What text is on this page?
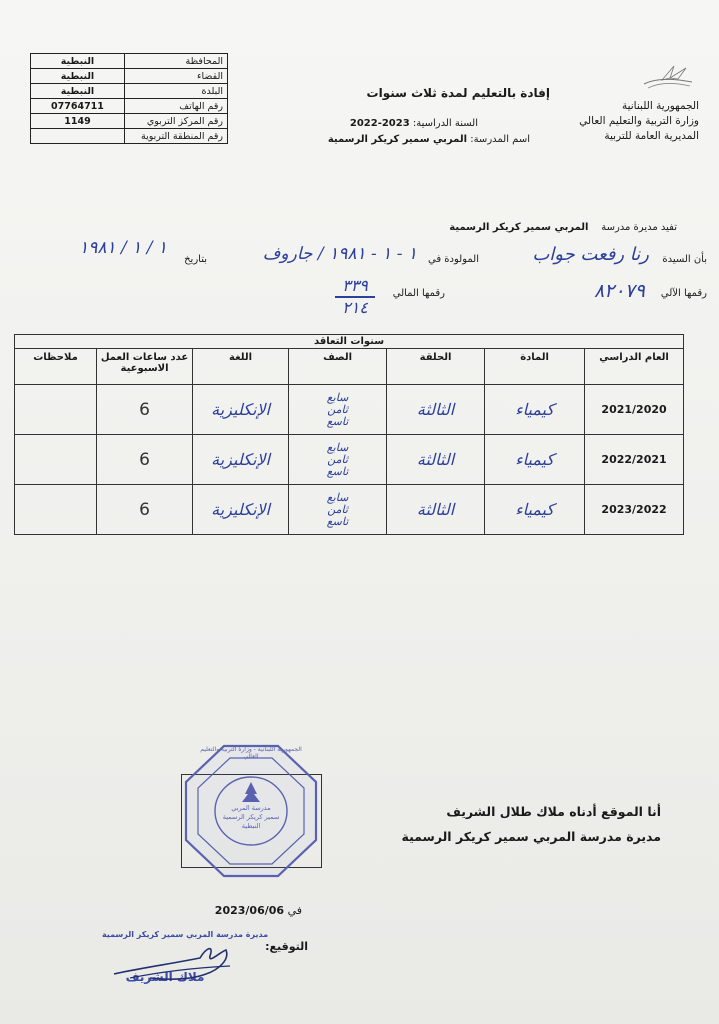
المحافظة	النبطية
القضاء	النبطية
البلدة	النبطية
رقم الهاتف	07764711
رقم المركز التربوي	1149
رقم المنطقة التربوية	
إفادة بالتعليم لمدة ثلاث سنوات
السنة الدراسية: 2022-2023
اسم المدرسة: المربي سمير كريكر الرسمية
الجمهورية اللبنانية
وزارة التربية والتعليم العالي
المديرية العامة للتربية
تفيد مديرة مدرسة    المربي سمير كريكر الرسمية
بأن السيدة
رنا رفعت جواب
المولودة في
١ - ١ - ١٩٨١ / جاروف
بتاريخ
١ / ١ / ١٩٨١
رقمها الآلي
٨٢٠٧٩
رقمها المالي
٣٣٩
٢١٤
سنوات التعاقد						
العام الدراسي	المادة	الحلقة	الصف	اللغة	عدد ساعات العمل الاسبوعية	ملاحظات
2021/2020	كيمياء	الثالثة	سابع
ثامن
تاسع	الإنكليزية	6	
2022/2021	كيمياء	الثالثة	سابع
ثامن
تاسع	الإنكليزية	6	
2023/2022	كيمياء	الثالثة	سابع
ثامن
تاسع	الإنكليزية	6	
مدرسة المربي
سمير كريكر الرسمية
النبطية
الجمهورية اللبنانية - وزارة التربية والتعليم العالي
أنا الموقع أدناه ملاك طلال الشريف
مديرة مدرسة المربي سمير كريكر الرسمية
في 2023/06/06
التوقيع:
مديرة مدرسة المربي سمير كريكر الرسمية
ملاك الشريف
